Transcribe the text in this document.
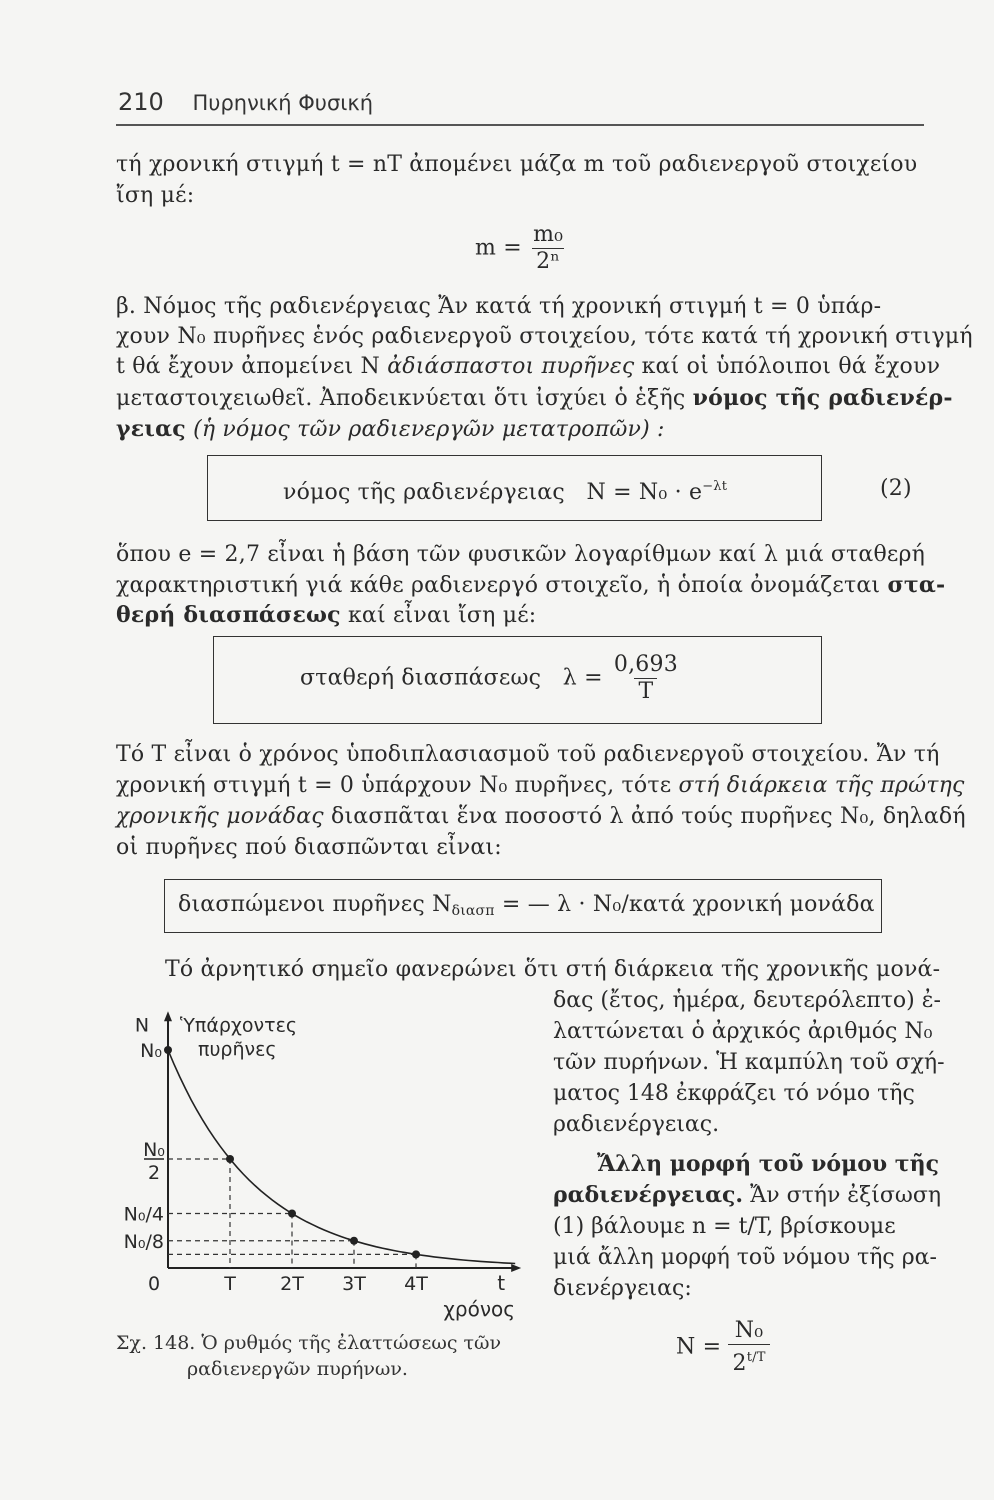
210 Πυρηνική Φυσική
τή χρονική στιγμή t = nT ἀπομένει μάζα m τοῦ ραδιενεργοῦ στοιχείου
ἴση μέ:
$m = \frac{\text{m₀}}{\text{2ⁿ}}$
β. Νόμος τῆς ραδιενέργειας Ἄν κατά τή χρονική στιγμή t = 0 ὑπάρ-
χουν N₀ πυρῆνες ἑνός ραδιενεργοῦ στοιχείου, τότε κατά τή χρονική στιγμή
t θά ἔχουν ἀπομείνει N ἀδιάσπαστοι πυρῆνες καί οἱ ὑπόλοιποι θά ἔχουν
μεταστοιχειωθεῖ. Ἀποδεικνύεται ὅτι ἰσχύει ὁ ἑξῆς νόμος τῆς ραδιενέρ-
γειας (ἡ νόμος τῶν ραδιενεργῶν μετατροπῶν) :
νόμος τῆς ραδιενέργειας $N = N_0 \cdot e^{-\lambda t}$	(2)
ὅπου e = 2,7 εἶναι ἡ βάση τῶν φυσικῶν λογαρίθμων καί λ μιά σταθερή
χαρακτηριστική γιά κάθε ραδιενεργό στοιχεῖο, ἡ ὁποία ὀνομάζεται στα-
θερή διασπάσεως καί εἶναι ἴση μέ:
σταθερή διασπάσεως $\lambda = \frac{0,693}{T}$
Τό T εἶναι ὁ χρόνος ὑποδιπλασιασμοῦ τοῦ ραδιενεργοῦ στοιχείου. Ἄν τή
χρονική στιγμή t = 0 ὑπάρχουν N₀ πυρῆνες, τότε στή διάρκεια τῆς πρώτης
χρονικῆς μονάδας διασπᾶται ἕνα ποσοστό λ ἀπό τούς πυρῆνες N₀, δηλαδή
οἱ πυρῆνες πού διασπῶνται εἶναι:
διασπώμενοι πυρῆνες $N_{\delta\iota\alpha\sigma\pi}$ = — λ · N₀/κατά χρονική μονάδα
Τό ἀρνητικό σημεῖο φανερώνει ὅτι στή διάρκεια τῆς χρονικῆς μονά-
δας (ἔτος, ἡμέρα, δευτερόλεπτο) ἐ-
λαττώνεται ὁ ἀρχικός ἀριθμός N₀
τῶν πυρήνων. Ἡ καμπύλη τοῦ σχή-
ματος 148 ἐκφράζει τό νόμο τῆς
ραδιενέργειας.
Ἄλλη μορφή τοῦ νόμου τῆς
ραδιενέργειας. Ἄν στήν ἐξίσωση
(1) βάλουμε n = t/T, βρίσκουμε
μιά ἄλλη μορφή τοῦ νόμου τῆς ρα-
διενέργειας:
$N = \frac{\text{N₀}}{2^{t/T}}$
T 2T 3T 4T
0	t
χρόνος
N Ὑπάρχοντες
πυρῆνες
N₀
N₀
2
N₀/4
N₀/8
Σχ. 148. Ὁ ρυθμός τῆς ἐλαττώσεως τῶν
ραδιενεργῶν πυρήνων.
